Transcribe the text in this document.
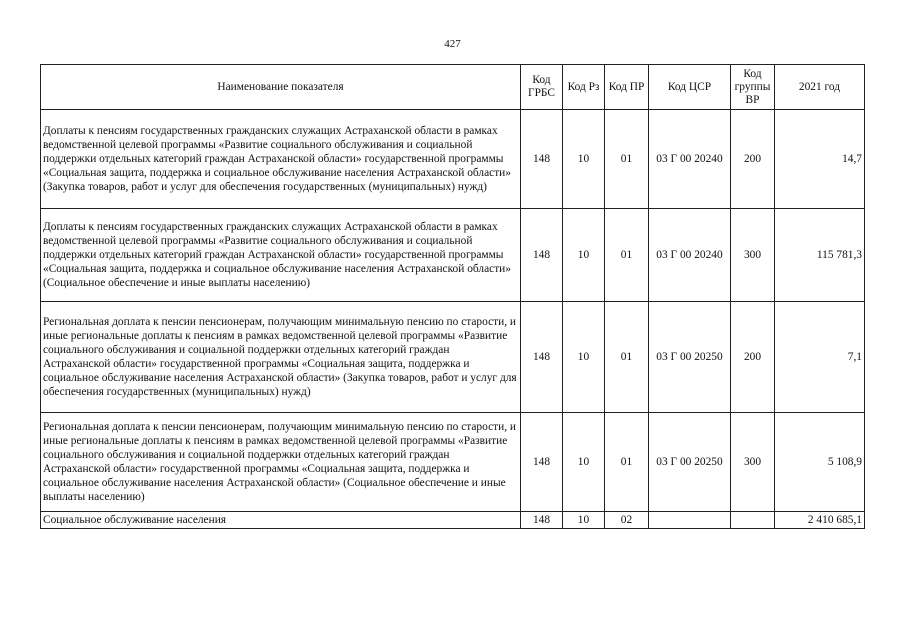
427
Наименование показателя	Код ГРБС	Код Рз	Код ПР	Код ЦСР	Код группы ВР	2021 год
Доплаты к пенсиям государственных гражданских служащих Астраханской области в рамках ведомственной целевой программы «Развитие социального обслуживания и социальной поддержки отдельных категорий граждан Астраханской области» государственной программы «Социальная защита, поддержка и социальное обслуживание населения Астраханской области» (Закупка товаров, работ и услуг для обеспечения государственных (муниципальных) нужд)	148	10	01	03 Г 00 20240	200	14,7
Доплаты к пенсиям государственных гражданских служащих Астраханской области в рамках ведомственной целевой программы «Развитие социального обслуживания и социальной поддержки отдельных категорий граждан Астраханской области» государственной программы «Социальная защита, поддержка и социальное обслуживание населения Астраханской области» (Социальное обеспечение и иные выплаты населению)	148	10	01	03 Г 00 20240	300	115 781,3
Региональная доплата к пенсии пенсионерам, получающим минимальную пенсию по старости, и иные региональные доплаты к пенсиям в рамках ведомственной целевой программы «Развитие социального обслуживания и социальной поддержки отдельных категорий граждан Астраханской области» государственной программы «Социальная защита, поддержка и социальное обслуживание населения Астраханской области» (Закупка товаров, работ и услуг для обеспечения государственных (муниципальных) нужд)	148	10	01	03 Г 00 20250	200	7,1
Региональная доплата к пенсии пенсионерам, получающим минимальную пенсию по старости, и иные региональные доплаты к пенсиям в рамках ведомственной целевой программы «Развитие социального обслуживания и социальной поддержки отдельных категорий граждан Астраханской области» государственной программы «Социальная защита, поддержка и социальное обслуживание населения Астраханской области» (Социальное обеспечение и иные выплаты населению)	148	10	01	03 Г 00 20250	300	5 108,9
Социальное обслуживание населения	148	10	02			2 410 685,1
